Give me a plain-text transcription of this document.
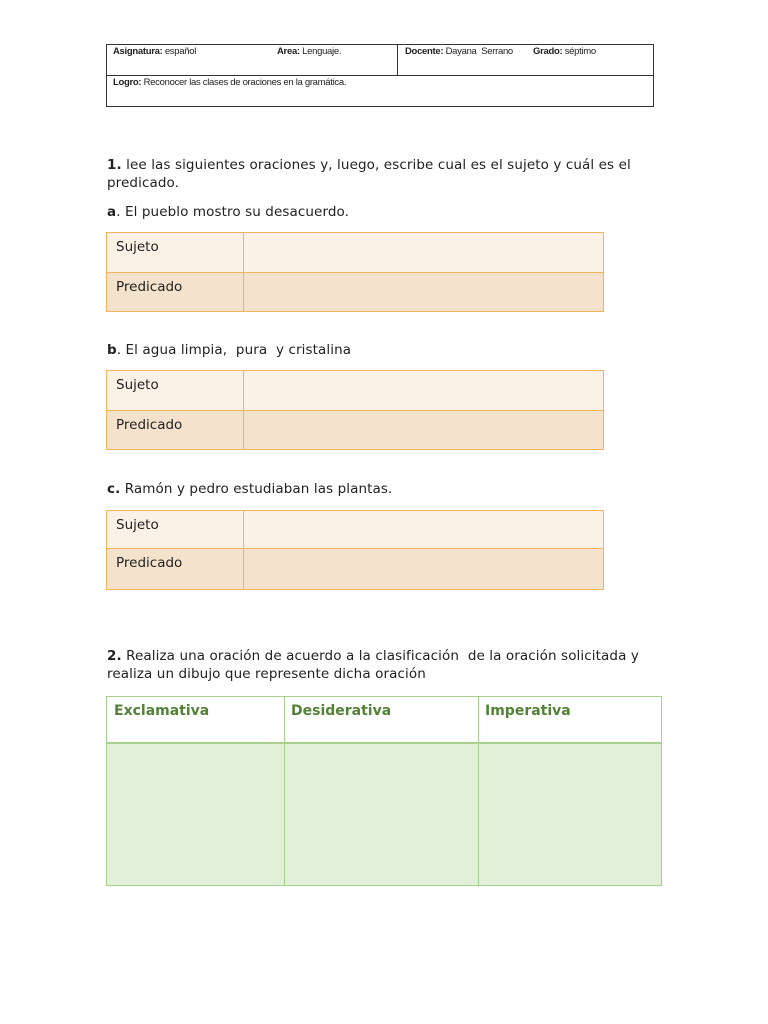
Asignatura: español	Area: Lenguaje.	Docente: Dayana  Serrano Grado: séptimo
Logro: Reconocer las clases de oraciones en la gramática.
1. lee las siguientes oraciones y, luego, escribe cual es el sujeto y cuál es el
predicado.
a. El pueblo mostro su desacuerdo.
Sujeto
Predicado
b. El agua limpia,  pura  y cristalina
Sujeto
Predicado
c. Ramón y pedro estudiaban las plantas.
Sujeto
Predicado
2. Realiza una oración de acuerdo a la clasificación  de la oración solicitada y
realiza un dibujo que represente dicha oración
Exclamativa	Desiderativa	Imperativa
